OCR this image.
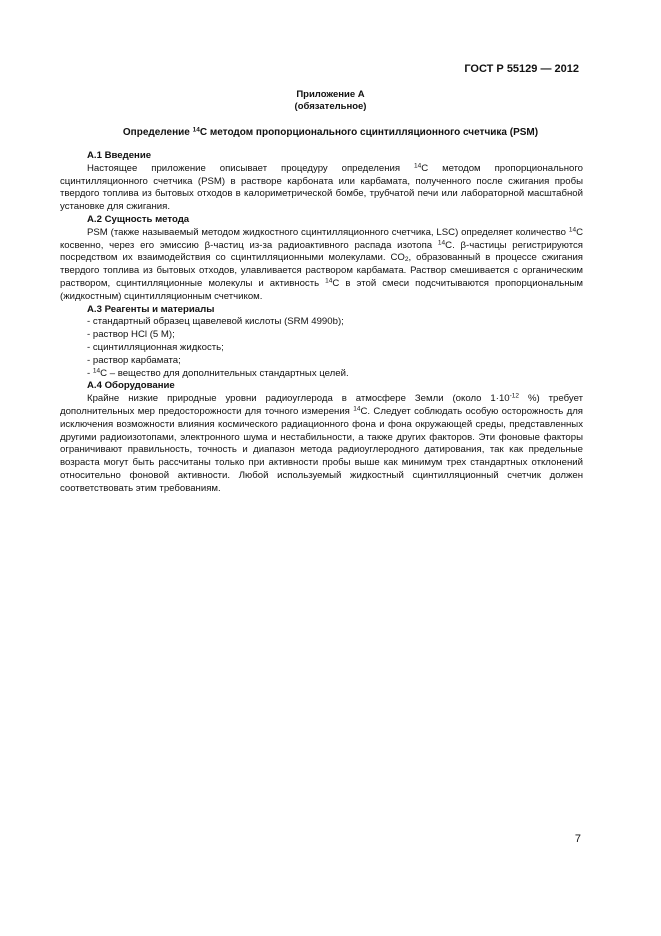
ГОСТ Р 55129 — 2012
Приложение А
(обязательное)
Определение $^{14}$С методом пропорционального сцинтилляционного счетчика (PSM)
А.1 Введение

Настоящее приложение описывает процедуру определения $^{14}$С методом пропорционального сцинтилляционного счетчика (PSM) в растворе карбоната или карбамата, полученного после сжигания пробы твердого топлива из бытовых отходов в калориметрической бомбе, трубчатой печи или лабораторной масштабной установке для сжигания.

А.2 Сущность метода

PSM (также называемый методом жидкостного сцинтилляционного счетчика, LSC) определяет количество $^{14}$С косвенно, через его эмиссию β-частиц из-за радиоактивного распада изотопа $^{14}$С. β-частицы регистрируются посредством их взаимодействия со сцинтилляционными молекулами. $CO_2$, образованный в процессе сжигания твердого топлива из бытовых отходов, улавливается раствором карбамата. Раствор смешивается с органическим раствором, сцинтилляционные молекулы и активность $^{14}$С в этой смеси подсчитываются пропорциональным (жидкостным) сцинтилляционным счетчиком.

А.3 Реагенты и материалы
- стандартный образец щавелевой кислоты (SRM 4990b);
- раствор HCl (5 M);
- сцинтилляционная жидкость;
- раствор карбамата;
- $^{14}$С – вещество для дополнительных стандартных целей.
А.4 Оборудование

Крайне низкие природные уровни радиоуглерода в атмосфере Земли (около $1\cdot 10^{-12}$ %) требует дополнительных мер предосторожности для точного измерения $^{14}$С. Следует соблюдать особую осторожность для исключения возможности влияния космического радиационного фона и фона окружающей среды, представленных другими радиоизотопами, электронного шума и нестабильности, а также других факторов. Эти фоновые факторы ограничивают правильность, точность и диапазон метода радиоуглеродного датирования, так как предельные возраста могут быть рассчитаны только при активности пробы выше как минимум трех стандартных отклонений относительно фоновой активности. Любой используемый жидкостный сцинтилляционный счетчик должен соответствовать этим требованиям.

7
